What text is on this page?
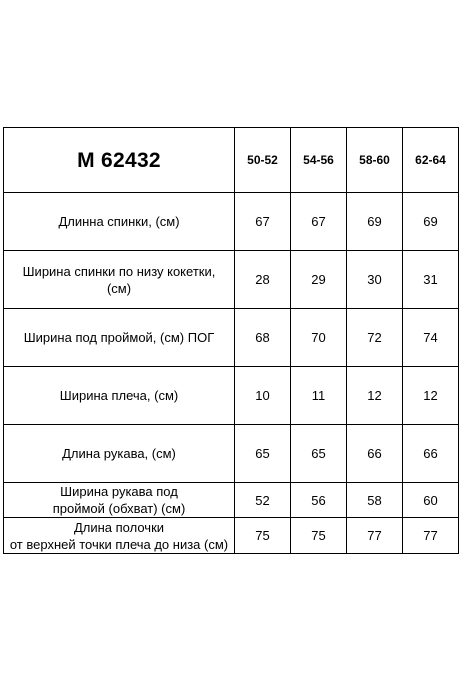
М 62432	50-52	54-56	58-60	62-64

Длинна спинки, (см)	67	67	69	69

Ширина спинки по низу кокетки,
(см)	28	29	30	31

Ширина под проймой, (см) ПОГ	68	70	72	74

Ширина плеча, (см)	10	11	12	12

Длина рукава, (см)	65	65	66	66

Ширина рукава под
проймой (обхват) (см)	52	56	58	60

Длина полочки
от верхней точки плеча до низа (см)	75	75	77	77
